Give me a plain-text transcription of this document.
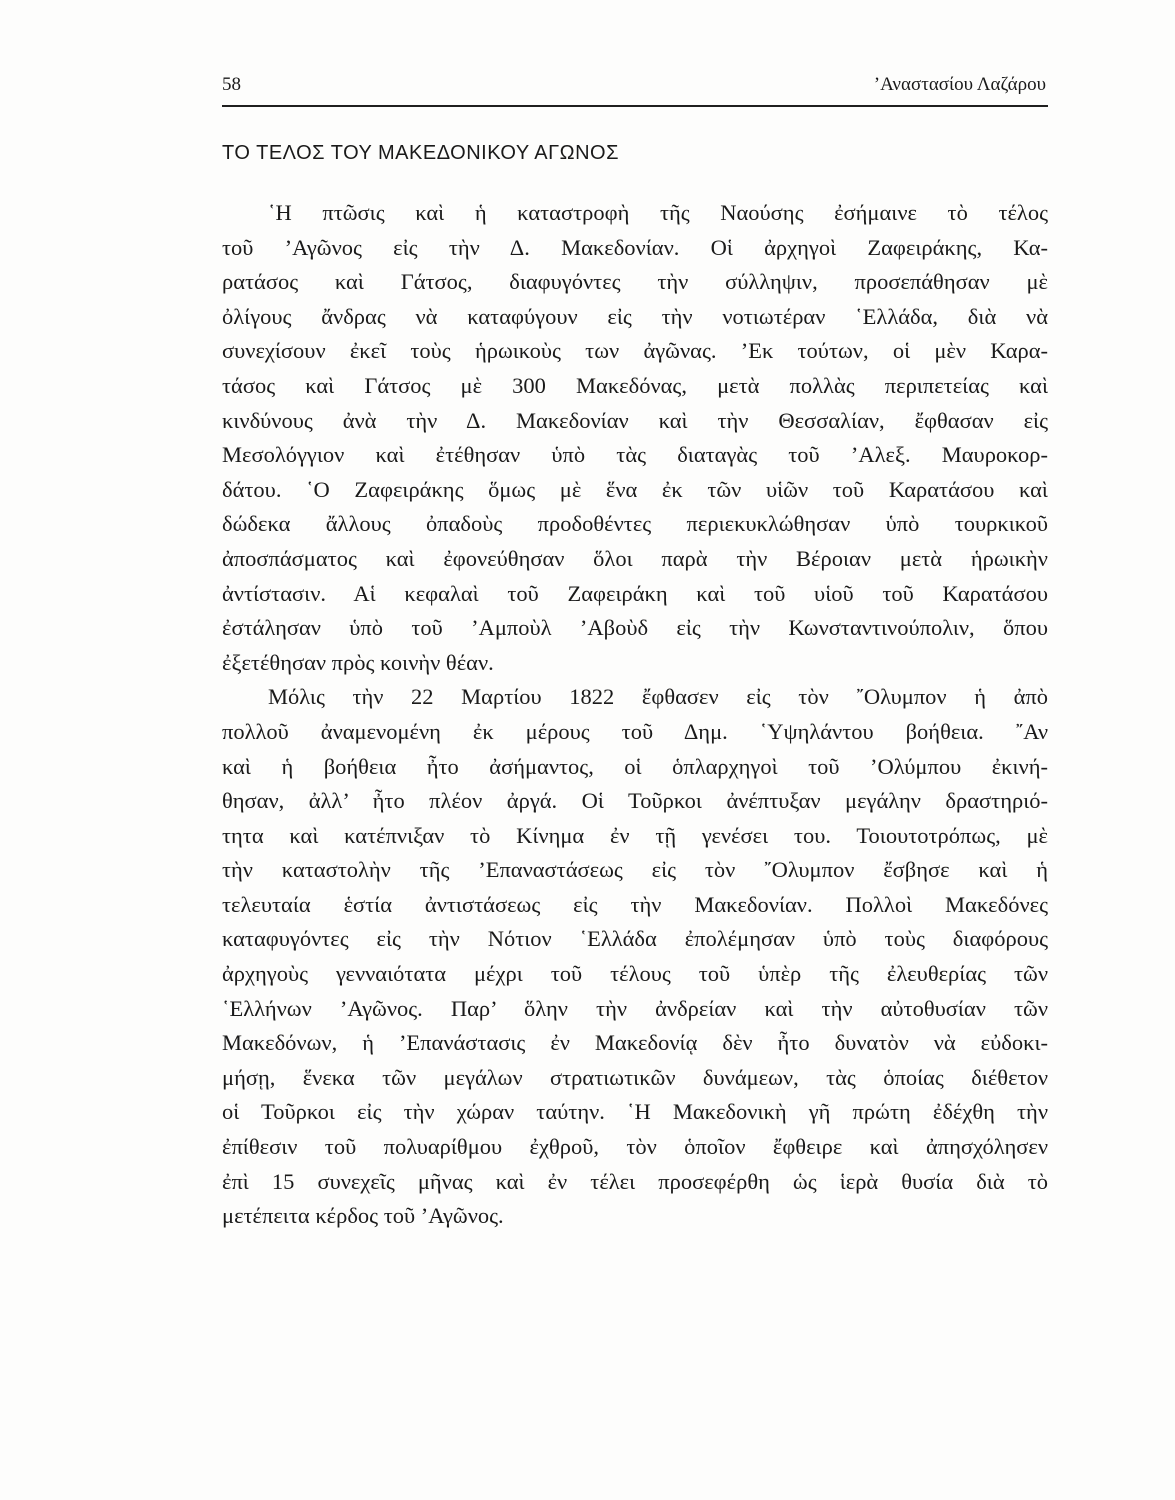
58	’Αναστασίου Λαζάρου
ΤΟ ΤΕΛΟΣ ΤΟΥ ΜΑΚΕΔΟΝΙΚΟΥ ΑΓΩΝΟΣ
῾Η πτῶσις καὶ ἡ καταστροφὴ τῆς Ναούσης ἐσήμαινε τὸ τέλος
τοῦ ’Αγῶνος εἰς τὴν Δ. Μακεδονίαν. Οἱ ἀρχηγοὶ Ζαφειράκης, Κα-
ρατάσος καὶ Γάτσος, διαφυγόντες τὴν σύλληψιν, προσεπάθησαν μὲ
ὀλίγους ἄνδρας νὰ καταφύγουν εἰς τὴν νοτιωτέραν ῾Ελλάδα, διὰ νὰ
συνεχίσουν ἐκεῖ τοὺς ἡρωικοὺς των ἀγῶνας. ’Εκ τούτων, οἱ μὲν Καρα-
τάσος καὶ Γάτσος μὲ 300 Μακεδόνας, μετὰ πολλὰς περιπετείας καὶ
κινδύνους ἀνὰ τὴν Δ. Μακεδονίαν καὶ τὴν Θεσσαλίαν, ἔφθασαν εἰς
Μεσολόγγιον καὶ ἐτέθησαν ὑπὸ τὰς διαταγὰς τοῦ ’Αλεξ. Μαυροκορ-
δάτου. ῾Ο Ζαφειράκης ὅμως μὲ ἕνα ἐκ τῶν υἱῶν τοῦ Καρατάσου καὶ
δώδεκα ἄλλους ὀπαδοὺς προδοθέντες περιεκυκλώθησαν ὑπὸ τουρκικοῦ
ἀποσπάσματος καὶ ἐφονεύθησαν ὅλοι παρὰ τὴν Βέροιαν μετὰ ἡρωικὴν
ἀντίστασιν. Αἱ κεφαλαὶ τοῦ Ζαφειράκη καὶ τοῦ υἱοῦ τοῦ Καρατάσου
ἐστάλησαν ὑπὸ τοῦ ’Αμποὺλ ’Αβοὺδ εἰς τὴν Κωνσταντινούπολιν, ὅπου
ἐξετέθησαν πρὸς κοινὴν θέαν.
Μόλις τὴν 22 Μαρτίου 1822 ἔφθασεν εἰς τὸν ῎Ολυμπον ἡ ἀπὸ
πολλοῦ ἀναμενομένη ἐκ μέρους τοῦ Δημ. ῾Υψηλάντου βοήθεια. ῎Αν
καὶ ἡ βοήθεια ἦτο ἀσήμαντος, οἱ ὁπλαρχηγοὶ τοῦ ’Ολύμπου ἐκινή-
θησαν, ἀλλ’ ἦτο πλέον ἀργά. Οἱ Τοῦρκοι ἀνέπτυξαν μεγάλην δραστηριό-
τητα καὶ κατέπνιξαν τὸ Κίνημα ἐν τῇ γενέσει του. Τοιουτοτρόπως, μὲ
τὴν καταστολὴν τῆς ’Επαναστάσεως εἰς τὸν ῎Ολυμπον ἔσβησε καὶ ἡ
τελευταία ἑστία ἀντιστάσεως εἰς τὴν Μακεδονίαν. Πολλοὶ Μακεδόνες
καταφυγόντες εἰς τὴν Νότιον ῾Ελλάδα ἐπολέμησαν ὑπὸ τοὺς διαφόρους
ἀρχηγοὺς γενναιότατα μέχρι τοῦ τέλους τοῦ ὑπὲρ τῆς ἐλευθερίας τῶν
῾Ελλήνων ’Αγῶνος. Παρ’ ὅλην τὴν ἀνδρείαν καὶ τὴν αὐτοθυσίαν τῶν
Μακεδόνων, ἡ ’Επανάστασις ἐν Μακεδονίᾳ δὲν ἦτο δυνατὸν νὰ εὐδοκι-
μήσῃ, ἕνεκα τῶν μεγάλων στρατιωτικῶν δυνάμεων, τὰς ὁποίας διέθετον
οἱ Τοῦρκοι εἰς τὴν χώραν ταύτην. ῾Η Μακεδονικὴ γῆ πρώτη ἐδέχθη τὴν
ἐπίθεσιν τοῦ πολυαρίθμου ἐχθροῦ, τὸν ὁποῖον ἔφθειρε καὶ ἀπησχόλησεν
ἐπὶ 15 συνεχεῖς μῆνας καὶ ἐν τέλει προσεφέρθη ὡς ἱερὰ θυσία διὰ τὸ
μετέπειτα κέρδος τοῦ ’Αγῶνος.
